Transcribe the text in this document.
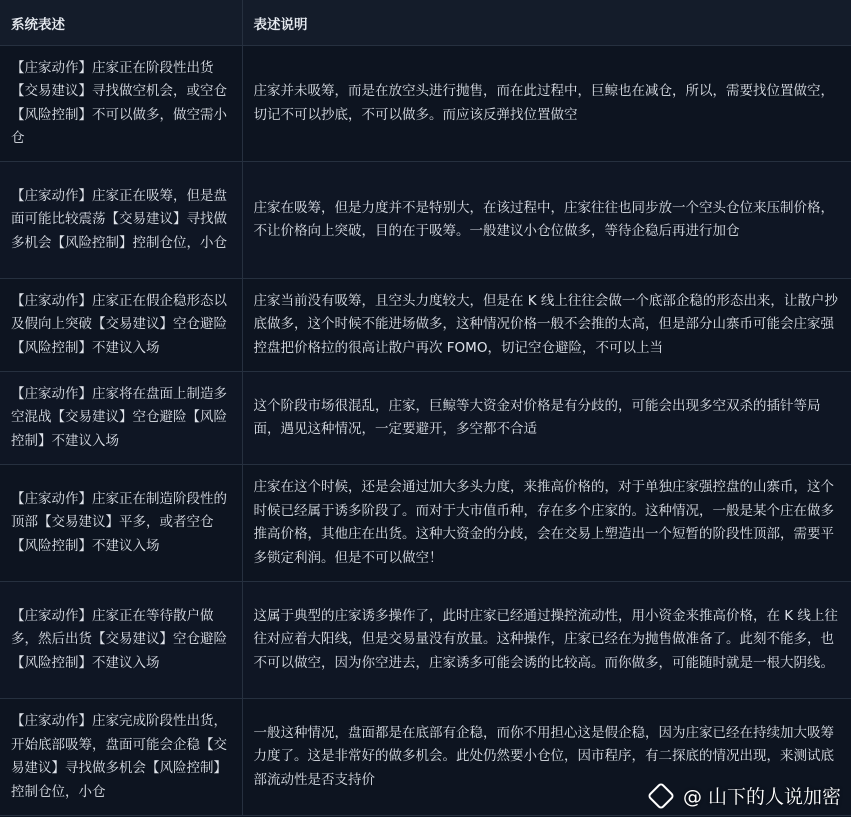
系统表述	表述说明
【庄家动作】庄家正在阶段性出货【交易建议】寻找做空机会，或空仓【风险控制】不可以做多，做空需小仓	庄家并未吸筹，而是在放空头进行抛售，而在此过程中，巨鲸也在减仓，所以，需要找位置做空，切记不可以抄底，不可以做多。而应该反弹找位置做空
【庄家动作】庄家正在吸筹，但是盘面可能比较震荡【交易建议】寻找做多机会【风险控制】控制仓位，小仓	庄家在吸筹，但是力度并不是特别大，在该过程中，庄家往往也同步放一个空头仓位来压制价格，不让价格向上突破，目的在于吸筹。一般建议小仓位做多，等待企稳后再进行加仓
【庄家动作】庄家正在假企稳形态以及假向上突破【交易建议】空仓避险【风险控制】不建议入场	庄家当前没有吸筹，且空头力度较大，但是在 K 线上往往会做一个底部企稳的形态出来，让散户抄底做多，这个时候不能进场做多，这种情况价格一般不会推的太高，但是部分山寨币可能会庄家强控盘把价格拉的很高让散户再次 FOMO，切记空仓避险，不可以上当
【庄家动作】庄家将在盘面上制造多空混战【交易建议】空仓避险【风险控制】不建议入场	这个阶段市场很混乱，庄家，巨鲸等大资金对价格是有分歧的，可能会出现多空双杀的插针等局面，遇见这种情况，一定要避开，多空都不合适
【庄家动作】庄家正在制造阶段性的顶部【交易建议】平多，或者空仓【风险控制】不建议入场	庄家在这个时候，还是会通过加大多头力度，来推高价格的，对于单独庄家强控盘的山寨币，这个时候已经属于诱多阶段了。而对于大市值币种，存在多个庄家的。这种情况，一般是某个庄在做多推高价格，其他庄在出货。这种大资金的分歧，会在交易上塑造出一个短暂的阶段性顶部，需要平多锁定利润。但是不可以做空！
【庄家动作】庄家正在等待散户做多，然后出货【交易建议】空仓避险【风险控制】不建议入场	这属于典型的庄家诱多操作了，此时庄家已经通过操控流动性，用小资金来推高价格，在 K 线上往往对应着大阳线，但是交易量没有放量。这种操作，庄家已经在为抛售做准备了。此刻不能多，也不可以做空，因为你空进去，庄家诱多可能会诱的比较高。而你做多，可能随时就是一根大阴线。
【庄家动作】庄家完成阶段性出货，开始底部吸筹，盘面可能会企稳【交易建议】寻找做多机会【风险控制】控制仓位，小仓	一般这种情况，盘面都是在底部有企稳，而你不用担心这是假企稳，因为庄家已经在持续加大吸筹力度了。这是非常好的做多机会。此处仍然要小仓位，因市程序，有二探底的情况出现，来测试底部流动性是否支持价
@ 山下的人说加密
